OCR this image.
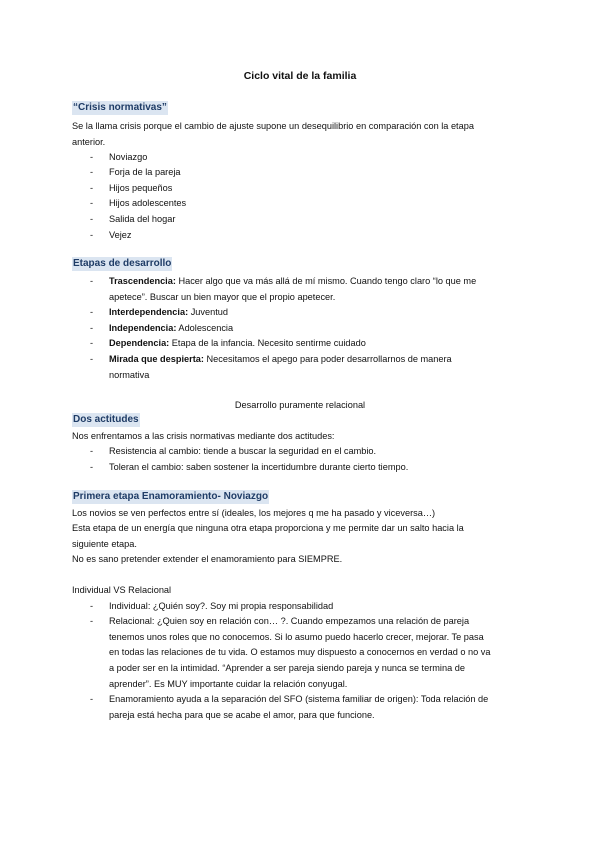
Ciclo vital de la familia
“Crisis normativas”
Se la llama crisis porque el cambio de ajuste supone un desequilibrio en comparación con la etapa
anterior.
- Noviazgo
- Forja de la pareja
- Hijos pequeños
- Hijos adolescentes
- Salida del hogar
- Vejez
Etapas de desarrollo
- Trascendencia: Hacer algo que va más allá de mí mismo. Cuando tengo claro “lo que me
apetece”. Buscar un bien mayor que el propio apetecer.
- Interdependencia: Juventud
- Independencia: Adolescencia
- Dependencia: Etapa de la infancia. Necesito sentirme cuidado
- Mirada que despierta: Necesitamos el apego para poder desarrollarnos de manera
normativa
Desarrollo puramente relacional
Dos actitudes
Nos enfrentamos a las crisis normativas mediante dos actitudes:
- Resistencia al cambio: tiende a buscar la seguridad en el cambio.
- Toleran el cambio: saben sostener la incertidumbre durante cierto tiempo.
Primera etapa Enamoramiento- Noviazgo
Los novios se ven perfectos entre sí (ideales, los mejores q me ha pasado y viceversa…)
Esta etapa de un energía que ninguna otra etapa proporciona y me permite dar un salto hacia la
siguiente etapa.
No es sano pretender extender el enamoramiento para SIEMPRE.
Individual VS Relacional
- Individual: ¿Quién soy?. Soy mi propia responsabilidad
- Relacional: ¿Quien soy en relación con… ?. Cuando empezamos una relación de pareja
tenemos unos roles que no conocemos. Si lo asumo puedo hacerlo crecer, mejorar. Te pasa
en todas las relaciones de tu vida. O estamos muy dispuesto a conocernos en verdad o no va
a poder ser en la intimidad. “Aprender a ser pareja siendo pareja y nunca se termina de
aprender”. Es MUY importante cuidar la relación conyugal.
- Enamoramiento ayuda a la separación del SFO (sistema familiar de origen): Toda relación de
pareja está hecha para que se acabe el amor, para que funcione.
